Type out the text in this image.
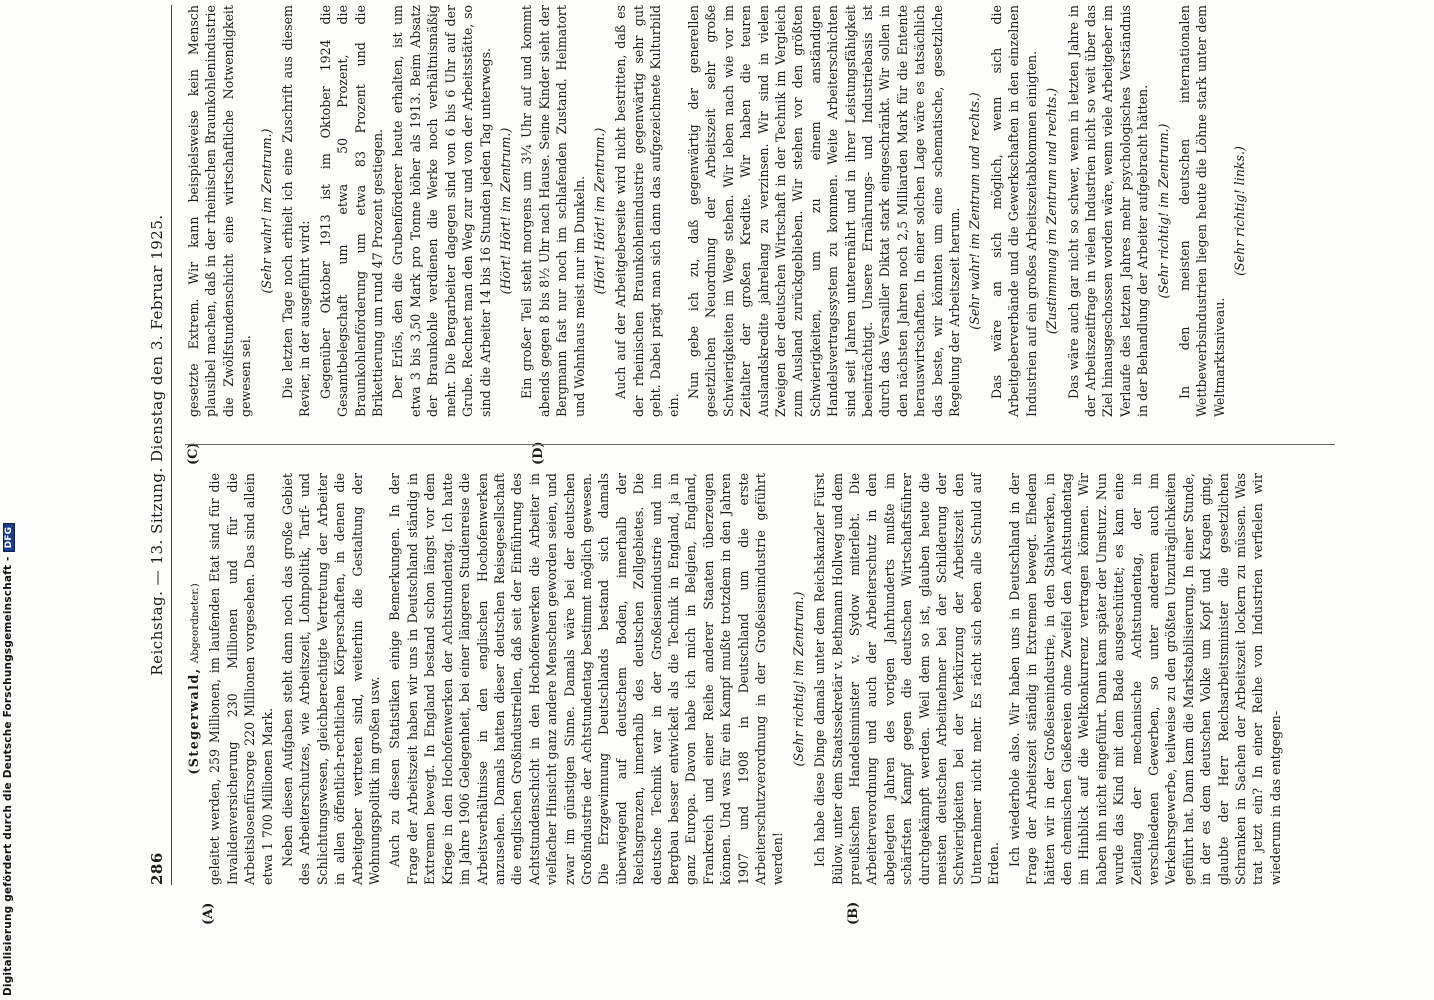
286
Reichstag. — 13. Sitzung. Dienstag den 3. Februar 1925.
(A)	(B)
(C)	(D)
(Stegerwald, Abgeordneter.) geleitet werden, 259 Millionen, im laufenden Etat sind für die Invalidenversicherung 230 Millionen und für die Arbeitslosenfürsorge 220 Millionen vorgesehen. Das sind allein etwa 1 700 Millionen Mark. Neben diesen Aufgaben steht dann noch das große Gebiet des Arbeiterschutzes, wie Arbeitszeit, Lohnpolitik, Tarif- und Schlichtungswesen, gleichberechtigte Vertretung der Arbeiter in allen öffentlich-rechtlichen Körperschaften, in denen die Arbeitgeber vertreten sind, weiterhin die Gestaltung der Wohnungspolitik im großen usw. Auch zu diesen Statistiken einige Bemerkungen. In der Frage der Arbeitszeit haben wir uns in Deutschland ständig in Extremen bewegt. In England bestand schon längst vor dem Kriege in den Hochofenwerken der Achtstundentag. Ich hatte im Jahre 1906 Gelegenheit, bei einer längeren Studienreise die Arbeitsverhältnisse in den englischen Hochofenwerken anzusehen. Damals hatten dieser deutschen Reisegesellschaft die englischen Großindustriellen, daß seit der Einführung des Achtstundenschicht in den Hochofenwerken die Arbeiter in vielfacher Hinsicht ganz andere Menschen geworden seien, und zwar im günstigen Sinne. Damals wäre bei der deutschen Großindustrie der Achtstundentag bestimmt möglich gewesen. Die Erzgewinnung Deutschlands bestand sich damals überwiegend auf deutschem Boden, innerhalb der Reichsgrenzen, innerhalb des deutschen Zollgebietes. Die deutsche Technik war in der Großeisenindustrie und im Bergbau besser entwickelt als die Technik in England, ja in ganz Europa. Davon habe ich mich in Belgien, England, Frankreich und einer Reihe anderer Staaten überzeugen können. Und was für ein Kampf mußte trotzdem in den Jahren 1907 und 1908 in Deutschland um die erste Arbeiterschutzverordnung in der Großeisenindustrie geführt werden!

(Sehr richtig! im Zentrum.) Ich habe diese Dinge damals unter dem Reichskanzler Fürst Bülow, unter dem Staatssekretär v. Bethmann Hollweg und dem preußischen Handelsminister v. Sydow miterlebt. Die Arbeiterverordnung und auch der Arbeiterschutz in den abgelegten Jahren des vorigen Jahrhunderts mußte im schärfsten Kampf gegen die deutschen Wirtschaftsführer durchgekämpft werden. Weil dem so ist, glauben heute die meisten deutschen Arbeitnehmer bei der Schilderung der Schwierigkeiten bei der Verkürzung der Arbeitszeit den Unternehmer nicht mehr. Es rächt sich eben alle Schuld auf Erden. Ich wiederhole also. Wir haben uns in Deutschland in der Frage der Arbeitszeit ständig in Extremen bewegt. Ehedem hätten wir in der Großeisenindustrie, in den Stahlwerken, in den chemischen Gießereien ohne Zweifel den Achtstundentag im Hinblick auf die Weltkonkurrenz vertragen können. Wir haben ihn nicht eingeführt. Dann kam später der Umsturz. Nun wurde das Kind mit dem Bade ausgeschüttet; es kam eine Zeitlang der mechanische Achtstundentag, der in verschiedenen Gewerben, so unter anderem auch im Verkehrsgewerbe, teilweise zu den größten Unzuträglichkeiten geführt hat. Dann kam die Markstabilisierung. In einer Stunde, in der es dem deutschen Volke um Kopf und Kragen ging, glaubte der Herr Reichsarbeitsminister die gesetzlichen Schranken in Sachen der Arbeitszeit lockern zu müssen. Was trat jetzt ein? In einer Reihe von Industrien verfielen wir wiederum in das entgegen-

gesetzte Extrem. Wir kann beispielsweise kein Mensch plausibel machen, daß in der rheinischen Braunkohlenindustrie die Zwölfstundenschicht eine wirtschaftliche Notwendigkeit gewesen sei.

(Sehr wahr! im Zentrum.) Die letzten Tage noch erhielt ich eine Zuschrift aus diesem Revier, in der ausgeführt wird: Gegenüber Oktober 1913 ist im Oktober 1924 die Gesamtbelegschaft um etwa 50 Prozent, die Braunkohlenförderung um etwa 83 Prozent und die Brikettierung um rund 47 Prozent gestiegen. Der Erlös, den die Grubenförderer heute erhalten, ist um etwa 3 bis 3,50 Mark pro Tonne höher als 1913. Beim Absatz der Braunkohle verdienen die Werke noch verhältnismäßig mehr. Die Bergarbeiter dagegen sind von 6 bis 6 Uhr auf der Grube. Rechnet man den Weg zur und von der Arbeitsstätte, so sind die Arbeiter 14 bis 16 Stunden jeden Tag unterwegs. (Hört! Hört! im Zentrum.) Ein großer Teil steht morgens um 3¼ Uhr auf und kommt abends gegen 8 bis 8½ Uhr nach Hause. Seine Kinder sieht der Bergmann fast nur noch im schlafenden Zustand. Heimatort und Wohnhaus meist nur im Dunkeln. (Hört! Hört! im Zentrum.) Auch auf der Arbeitgeberseite wird nicht bestritten, daß es der rheinischen Braunkohlenindustrie gegenwärtig sehr gut geht. Dabei prägt man sich dann das aufgezeichnete Kulturbild ein.

Nun gebe ich zu, daß gegenwärtig der generellen gesetzlichen Neuordnung der Arbeitszeit sehr große Schwierigkeiten im Wege stehen. Wir leben nach wie vor im Zeitalter der großen Kredite. Wir haben die teuren Auslandskredite jahrelang zu verzinsen. Wir sind in vielen Zweigen der deutschen Wirtschaft in der Technik im Vergleich zum Ausland zurückgeblieben. Wir stehen vor den größten Schwierigkeiten, um zu einem anständigen Handelsvertragssystem zu kommen. Weite Arbeiterschichten sind seit Jahren unterernährt und in ihrer Leistungsfähigkeit beeinträchtigt. Unsere Ernährungs- und Industriebasis ist durch das Versailler Diktat stark eingeschränkt. Wir sollen in den nächsten Jahren noch 2,5 Milliarden Mark für die Entente herauswirtschaften. In einer solchen Lage wäre es tatsächlich das beste, wir könnten um eine schematische, gesetzliche Regelung der Arbeitszeit herum. (Sehr wahr! im Zentrum und rechts.) Das wäre an sich möglich, wenn sich die Arbeitgeberverbände und die Gewerkschaften in den einzelnen Industrien auf ein großes Arbeitszeitabkommen einigten. (Zustimmung im Zentrum und rechts.) Das wäre auch gar nicht so schwer, wenn in letzten Jahre in der Arbeitszeitfrage in vielen Industrien nicht so weit über das Ziel hinausgeschossen worden wäre, wenn viele Arbeitgeber im Verlaufe des letzten Jahres mehr psychologisches Verständnis in der Behandlung der Arbeiter aufgebracht hätten. (Sehr richtig! im Zentrum.) In den meisten deutschen internationalen Wettbewerbsindustrien liegen heute die Löhne stark unter dem Weltmarktsniveau.

(Sehr richtig! links.)

Digitalisierung gefördert durch die Deutsche Forschungsgemeinschaft -DFG
